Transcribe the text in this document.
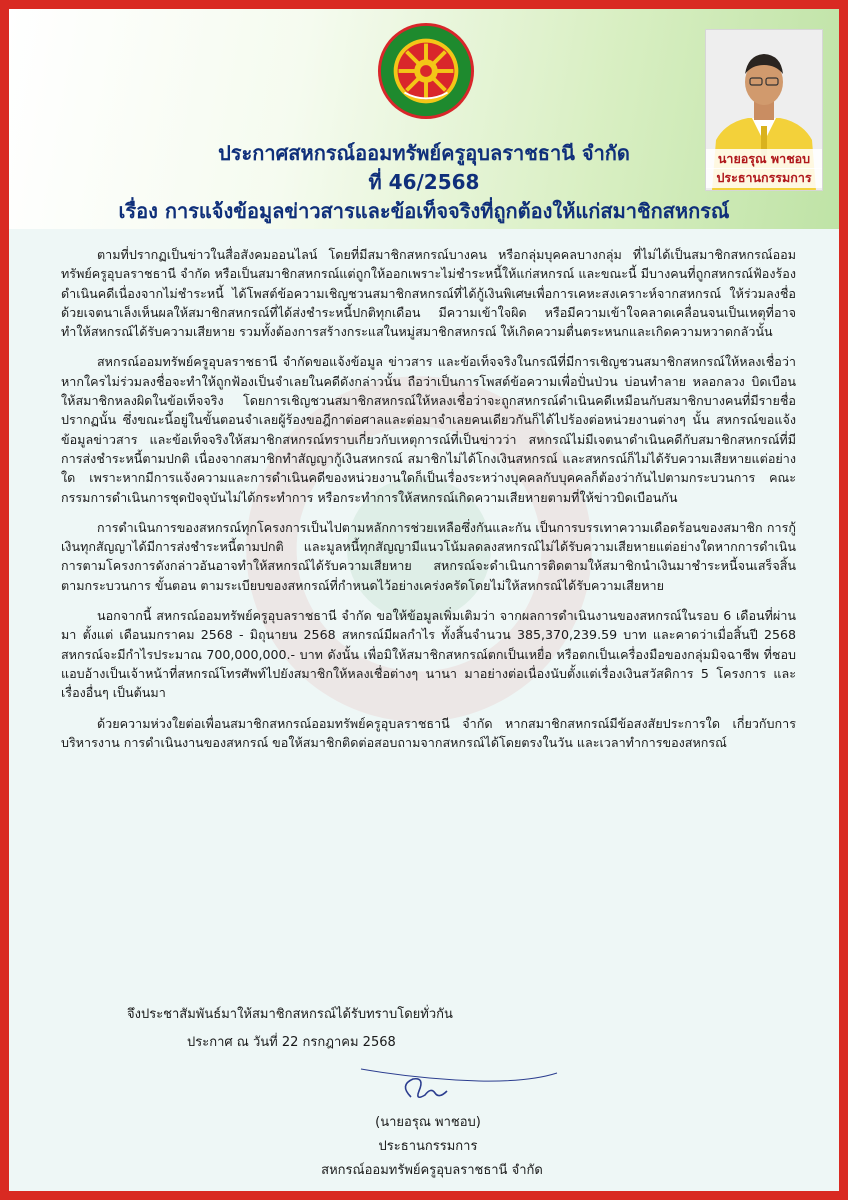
นายอรุณ พาชอบ
ประธานกรรมการ
ประกาศสหกรณ์ออมทรัพย์ครูอุบลราชธานี จำกัด
ที่ 46/2568
เรื่อง การแจ้งข้อมูลข่าวสารและข้อเท็จจริงที่ถูกต้องให้แก่สมาชิกสหกรณ์

ตามที่ปรากฏเป็นข่าวในสื่อสังคมออนไลน์ โดยที่มีสมาชิกสหกรณ์บางคน หรือกลุ่มบุคคลบางกลุ่ม ที่ไม่ได้เป็นสมาชิกสหกรณ์ออมทรัพย์ครูอุบลราชธานี จำกัด หรือเป็นสมาชิกสหกรณ์แต่ถูกให้ออกเพราะไม่ชำระหนี้ให้แก่สหกรณ์ และขณะนี้ มีบางคนที่ถูกสหกรณ์ฟ้องร้องดำเนินคดีเนื่องจากไม่ชำระหนี้ ได้โพสต์ข้อความเชิญชวนสมาชิกสหกรณ์ที่ได้กู้เงินพิเศษเพื่อการเคหะสงเคราะห์จากสหกรณ์ ให้ร่วมลงชื่อด้วยเจตนาเล็งเห็นผลให้สมาชิกสหกรณ์ที่ได้ส่งชำระหนี้ปกติทุกเดือน มีความเข้าใจผิด หรือมีความเข้าใจคลาดเคลื่อนจนเป็นเหตุที่อาจทำให้สหกรณ์ได้รับความเสียหาย รวมทั้งต้องการสร้างกระแสในหมู่สมาชิกสหกรณ์ ให้เกิดความตื่นตระหนกและเกิดความหวาดกลัวนั้น

สหกรณ์ออมทรัพย์ครูอุบลราชธานี จำกัดขอแจ้งข้อมูล ข่าวสาร และข้อเท็จจริงในกรณีที่มีการเชิญชวนสมาชิกสหกรณ์ให้หลงเชื่อว่า หากใครไม่ร่วมลงชื่อจะทำให้ถูกฟ้องเป็นจำเลยในคดีดังกล่าวนั้น ถือว่าเป็นการโพสต์ข้อความเพื่อปั่นป่วน บ่อนทำลาย หลอกลวง บิดเบือน ให้สมาชิกหลงผิดในข้อเท็จจริง โดยการเชิญชวนสมาชิกสหกรณ์ให้หลงเชื่อว่าจะถูกสหกรณ์ดำเนินคดีเหมือนกับสมาชิกบางคนที่มีรายชื่อปรากฏนั้น ซึ่งขณะนี้อยู่ในขั้นตอนจำเลยผู้ร้องขอฎีกาต่อศาลและต่อมาจำเลยคนเดียวกันก็ได้ไปร้องต่อหน่วยงานต่างๆ นั้น สหกรณ์ขอแจ้งข้อมูลข่าวสาร และข้อเท็จจริงให้สมาชิกสหกรณ์ทราบเกี่ยวกับเหตุการณ์ที่เป็นข่าวว่า สหกรณ์ไม่มีเจตนาดำเนินคดีกับสมาชิกสหกรณ์ที่มีการส่งชำระหนี้ตามปกติ เนื่องจากสมาชิกทำสัญญากู้เงินสหกรณ์ สมาชิกไม่ได้โกงเงินสหกรณ์ และสหกรณ์ก็ไม่ได้รับความเสียหายแต่อย่างใด เพราะหากมีการแจ้งความและการดำเนินคดีของหน่วยงานใดก็เป็นเรื่องระหว่างบุคคลกับบุคคลก็ต้องว่ากันไปตามกระบวนการ คณะกรรมการดำเนินการชุดปัจจุบันไม่ได้กระทำการ หรือกระทำการให้สหกรณ์เกิดความเสียหายตามที่ให้ข่าวบิดเบือนกัน

การดำเนินการของสหกรณ์ทุกโครงการเป็นไปตามหลักการช่วยเหลือซึ่งกันและกัน เป็นการบรรเทาความเดือดร้อนของสมาชิก การกู้เงินทุกสัญญาได้มีการส่งชำระหนี้ตามปกติ และมูลหนี้ทุกสัญญามีแนวโน้มลดลงสหกรณ์ไม่ได้รับความเสียหายแต่อย่างใดหากการดำเนินการตามโครงการดังกล่าวอันอาจทำให้สหกรณ์ได้รับความเสียหาย สหกรณ์จะดำเนินการติดตามให้สมาชิกนำเงินมาชำระหนี้จนเสร็จสิ้น ตามกระบวนการ ขั้นตอน ตามระเบียบของสหกรณ์ที่กำหนดไว้อย่างเคร่งครัดโดยไม่ให้สหกรณ์ได้รับความเสียหาย

นอกจากนี้ สหกรณ์ออมทรัพย์ครูอุบลราชธานี จำกัด ขอให้ข้อมูลเพิ่มเติมว่า จากผลการดำเนินงานของสหกรณ์ในรอบ 6 เดือนที่ผ่านมา ตั้งแต่ เดือนมกราคม 2568 - มิถุนายน 2568 สหกรณ์มีผลกำไร ทั้งสิ้นจำนวน 385,370,239.59 บาท และคาดว่าเมื่อสิ้นปี 2568 สหกรณ์จะมีกำไรประมาณ 700,000,000.- บาท ดังนั้น เพื่อมิให้สมาชิกสหกรณ์ตกเป็นเหยื่อ หรือตกเป็นเครื่องมือของกลุ่มมิจฉาชีพ ที่ชอบแอบอ้างเป็นเจ้าหน้าที่สหกรณ์โทรศัพท์ไปยังสมาชิกให้หลงเชื่อต่างๆ นานา มาอย่างต่อเนื่องนับตั้งแต่เรื่องเงินสวัสดิการ 5 โครงการ และเรื่องอื่นๆ เป็นต้นมา

ด้วยความห่วงใยต่อเพื่อนสมาชิกสหกรณ์ออมทรัพย์ครูอุบลราชธานี จำกัด หากสมาชิกสหกรณ์มีข้อสงสัยประการใด เกี่ยวกับการบริหารงาน การดำเนินงานของสหกรณ์ ขอให้สมาชิกติดต่อสอบถามจากสหกรณ์ได้โดยตรงในวัน และเวลาทำการของสหกรณ์

จึงประชาสัมพันธ์มาให้สมาชิกสหกรณ์ได้รับทราบโดยทั่วกัน
ประกาศ ณ วันที่ 22 กรกฎาคม 2568
(นายอรุณ พาชอบ)
ประธานกรรมการ
สหกรณ์ออมทรัพย์ครูอุบลราชธานี จำกัด
